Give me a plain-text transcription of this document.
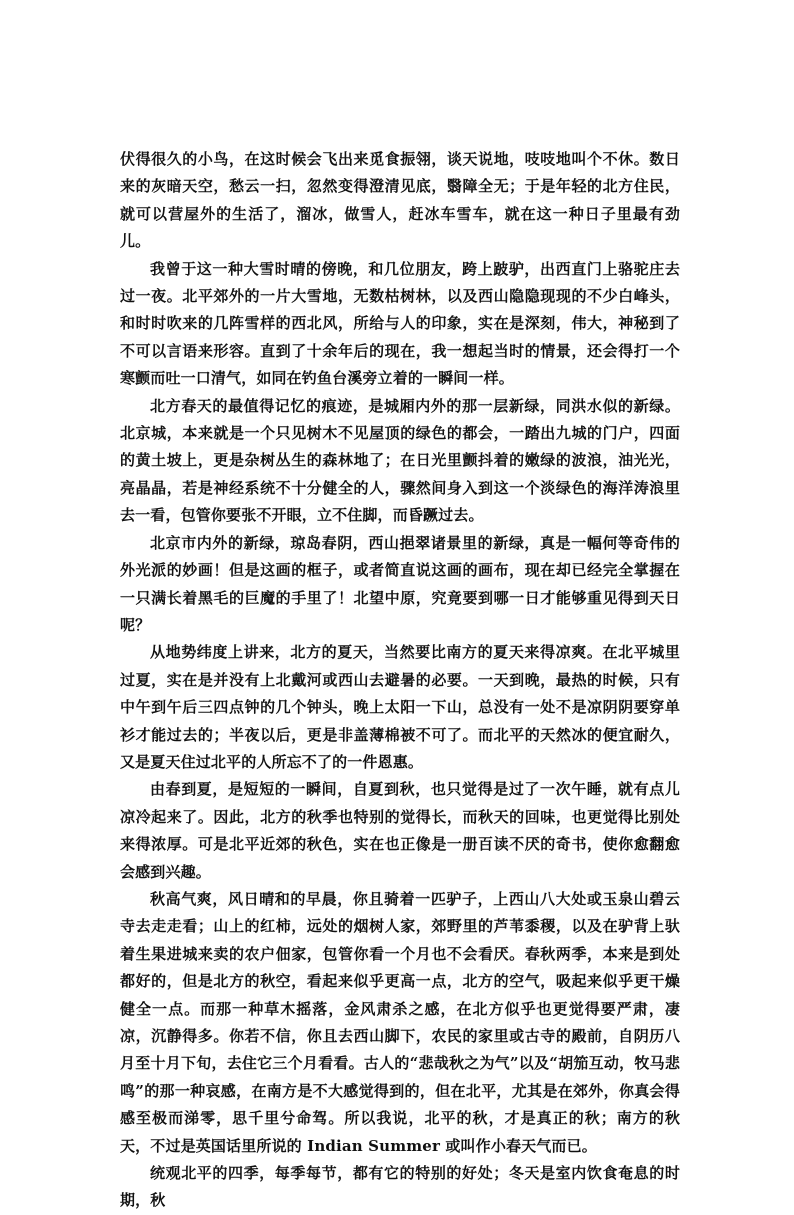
伏得很久的小鸟，在这时候会飞出来觅食振翎，谈天说地，吱吱地叫个不休。数日来的灰暗天空，愁云一扫，忽然变得澄清见底，翳障全无；于是年轻的北方住民，就可以营屋外的生活了，溜冰，做雪人，赶冰车雪车，就在这一种日子里最有劲儿。

我曾于这一种大雪时晴的傍晚，和几位朋友，跨上跛驴，出西直门上骆驼庄去过一夜。北平郊外的一片大雪地，无数枯树林，以及西山隐隐现现的不少白峰头，和时时吹来的几阵雪样的西北风，所给与人的印象，实在是深刻，伟大，神秘到了不可以言语来形容。直到了十余年后的现在，我一想起当时的情景，还会得打一个寒颤而吐一口清气，如同在钓鱼台溪旁立着的一瞬间一样。

北方春天的最值得记忆的痕迹，是城厢内外的那一层新绿，同洪水似的新绿。北京城，本来就是一个只见树木不见屋顶的绿色的都会，一踏出九城的门户，四面的黄土坡上，更是杂树丛生的森林地了；在日光里颤抖着的嫩绿的波浪，油光光，亮晶晶，若是神经系统不十分健全的人，骤然间身入到这一个淡绿色的海洋涛浪里去一看，包管你要张不开眼，立不住脚，而昏蹶过去。

北京市内外的新绿，琼岛春阴，西山挹翠诸景里的新绿，真是一幅何等奇伟的外光派的妙画！但是这画的框子，或者简直说这画的画布，现在却已经完全掌握在一只满长着黑毛的巨魔的手里了！北望中原，究竟要到哪一日才能够重见得到天日呢？

从地势纬度上讲来，北方的夏天，当然要比南方的夏天来得凉爽。在北平城里过夏，实在是并没有上北戴河或西山去避暑的必要。一天到晚，最热的时候，只有中午到午后三四点钟的几个钟头，晚上太阳一下山，总没有一处不是凉阴阴要穿单衫才能过去的；半夜以后，更是非盖薄棉被不可了。而北平的天然冰的便宜耐久，又是夏天住过北平的人所忘不了的一件恩惠。

由春到夏，是短短的一瞬间，自夏到秋，也只觉得是过了一次午睡，就有点儿凉冷起来了。因此，北方的秋季也特别的觉得长，而秋天的回味，也更觉得比别处来得浓厚。可是北平近郊的秋色，实在也正像是一册百读不厌的奇书，使你愈翻愈会感到兴趣。

秋高气爽，风日晴和的早晨，你且骑着一匹驴子，上西山八大处或玉泉山碧云寺去走走看；山上的红柿，远处的烟树人家，郊野里的芦苇黍稷，以及在驴背上驮着生果进城来卖的农户佃家，包管你看一个月也不会看厌。春秋两季，本来是到处都好的，但是北方的秋空，看起来似乎更高一点，北方的空气，吸起来似乎更干燥健全一点。而那一种草木摇落，金风肃杀之感，在北方似乎也更觉得要严肃，凄凉，沉静得多。你若不信，你且去西山脚下，农民的家里或古寺的殿前，自阴历八月至十月下旬，去住它三个月看看。古人的“悲哉秋之为气”以及“胡笳互动，牧马悲鸣”的那一种哀感，在南方是不大感觉得到的，但在北平，尤其是在郊外，你真会得感至极而涕零，思千里兮命驾。所以我说，北平的秋，才是真正的秋；南方的秋天，不过是英国话里所说的 Indian Summer 或叫作小春天气而已。

统观北平的四季，每季每节，都有它的特别的好处；冬天是室内饮食奄息的时期，秋
